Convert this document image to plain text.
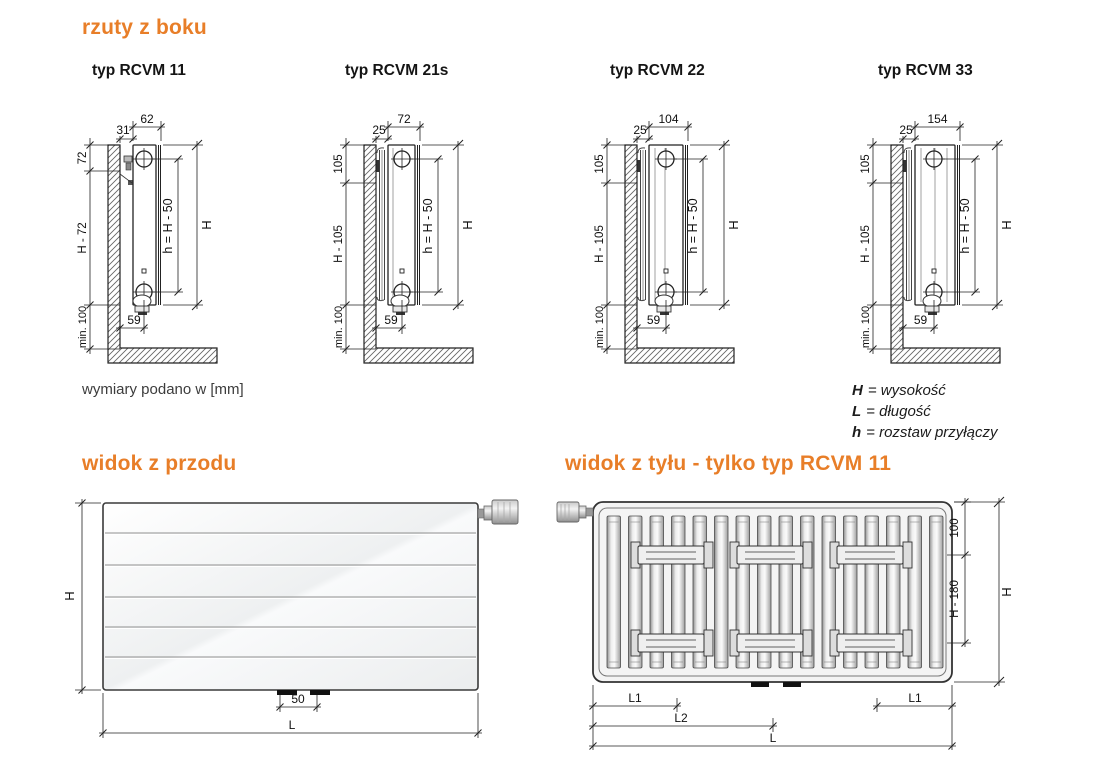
rzuty z boku
typ RCVM 11	typ RCVM 21s	typ RCVM 22	typ RCVM 33
62
31
72
H - 72
min. 100	59
h = H - 50 H
72
25
105
H - 105
min. 100	59
h = H - 50 H
104
25
105
H - 105
min. 100	59
h = H - 50 H
154
25
105
H - 105
min. 100	59
h = H - 50 H
wymiary podano w [mm]	H = wysokość
L = długość
h = rozstaw przyłączy
widok z przodu	widok z tyłu - tylko typ RCVM 11
H
50
L
100
H - 180	H
L1	L1
L2
L
